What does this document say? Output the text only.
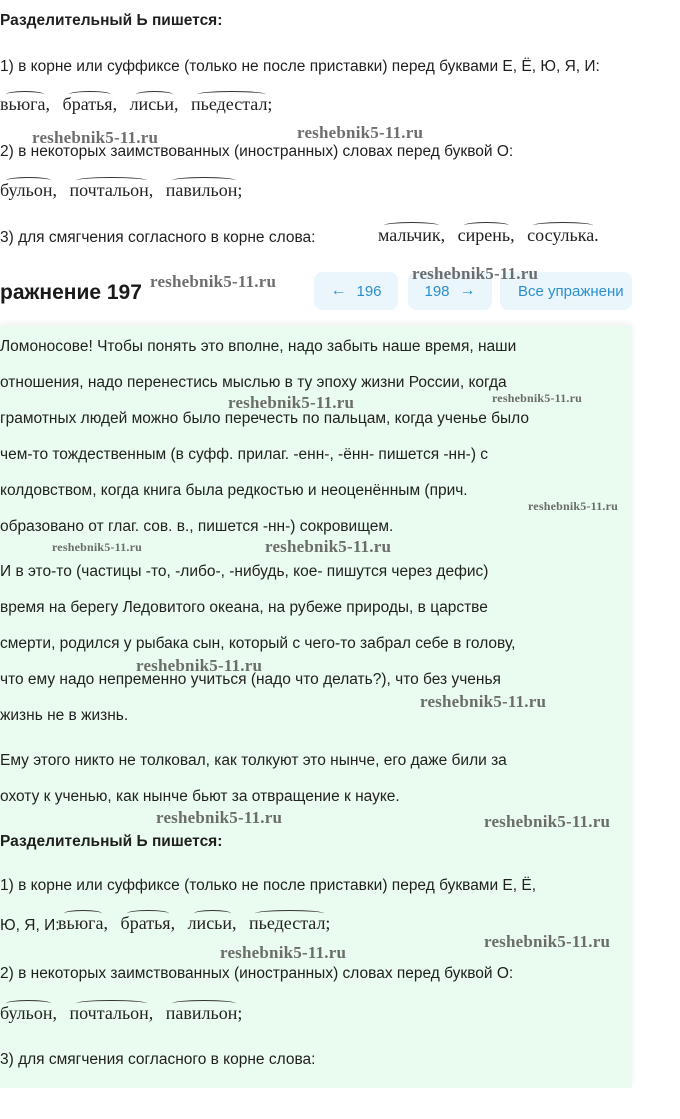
Разделительный Ь пишется:
1) в корне или суффиксе (только не после приставки) перед буквами Е, Ё, Ю, Я, И:
вьюга, братья, лисьи, пьедестал;
2) в некоторых заимствованных (иностранных) словах перед буквой О:
бульон, почтальон, павильон;
3) для смягчения согласного в корне слова:	мальчик, сирень, сосулька.
ражнение 197	← 196	198 →	Все упражнени
Ломоносове! Чтобы понять это вполне, надо забыть наше время, наши
отношения, надо перенестись мыслью в ту эпоху жизни России, когда
грамотных людей можно было перечесть по пальцам, когда ученье было
чем-то тождественным (в суфф. прилаг. -енн-, -ённ- пишется -нн-) с
колдовством, когда книга была редкостью и неоценённым (прич.
образовано от глаг. сов. в., пишется -нн-) сокровищем.
И в это-то (частицы -то, -либо-, -нибудь, кое- пишутся через дефис)
время на берегу Ледовитого океана, на рубеже природы, в царстве
смерти, родился у рыбака сын, который с чего-то забрал себе в голову,
что ему надо непременно учиться (надо что делать?), что без ученья
жизнь не в жизнь.
Ему этого никто не толковал, как толкуют это нынче, его даже били за
охоту к ученью, как нынче бьют за отвращение к науке.
Разделительный Ь пишется:
1) в корне или суффиксе (только не после приставки) перед буквами Е, Ё,
Ю, Я, И:
вьюга, братья, лисьи, пьедестал;
2) в некоторых заимствованных (иностранных) словах перед буквой О:
бульон, почтальон, павильон;
3) для смягчения согласного в корне слова:
reshebnik5-11.ru	reshebnik5-11.ru
reshebnik5-11.ru	reshebnik5-11.ru
reshebnik5-11.ru	reshebnik5-11.ru
reshebnik5-11.ru
reshebnik5-11.ru	reshebnik5-11.ru
reshebnik5-11.ru
reshebnik5-11.ru
reshebnik5-11.ru	reshebnik5-11.ru
reshebnik5-11.ru
reshebnik5-11.ru
